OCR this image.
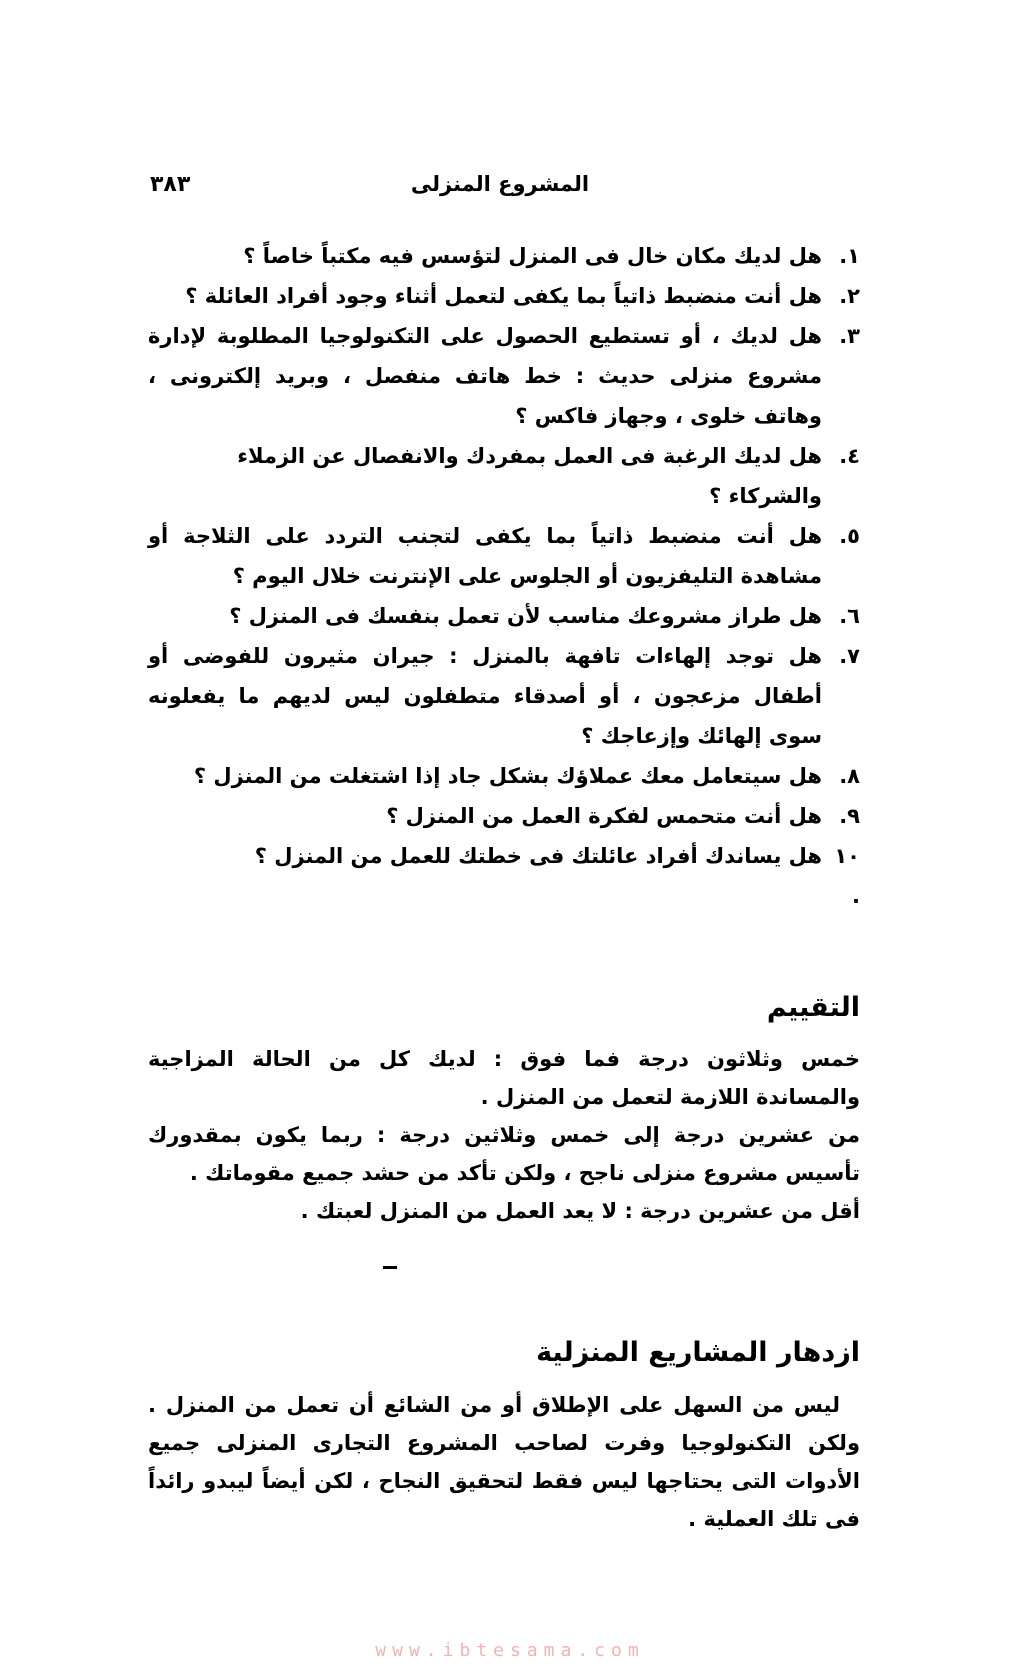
المشروع المنزلى
٣٨٣
١.
هل لديك مكان خال فى المنزل لتؤسس فيه مكتباً خاصاً ؟
٢.
هل أنت منضبط ذاتياً بما يكفى لتعمل أثناء وجود أفراد العائلة ؟
٣.
هل لديك ، أو تستطيع الحصول على التكنولوجيا المطلوبة لإدارة مشروع منزلى حديث : خط هاتف منفصل ، وبريد إلكترونى ، وهاتف خلوى ، وجهاز فاكس ؟
٤.
هل لديك الرغبة فى العمل بمفردك والانفصال عن الزملاء والشركاء ؟
٥.
هل أنت منضبط ذاتياً بما يكفى لتجنب التردد على الثلاجة أو مشاهدة التليفزيون أو الجلوس على الإنترنت خلال اليوم ؟
٦.
هل طراز مشروعك مناسب لأن تعمل بنفسك فى المنزل ؟
٧.
هل توجد إلهاءات تافهة بالمنزل : جيران مثيرون للفوضى أو أطفال مزعجون ، أو أصدقاء متطفلون ليس لديهم ما يفعلونه سوى إلهائك وإزعاجك ؟
٨.
هل سيتعامل معك عملاؤك بشكل جاد إذا اشتغلت من المنزل ؟
٩.
هل أنت متحمس لفكرة العمل من المنزل ؟
١٠ .
هل يساندك أفراد عائلتك فى خطتك للعمل من المنزل ؟
التقييم

خمس وثلاثون درجة فما فوق : لديك كل من الحالة المزاجية والمساندة اللازمة لتعمل من المنزل .

من عشرين درجة إلى خمس وثلاثين درجة : ربما يكون بمقدورك تأسيس مشروع منزلى ناجح ، ولكن تأكد من حشد جميع مقوماتك .

أقل من عشرين درجة : لا يعد العمل من المنزل لعبتك .

ازدهار المشاريع المنزلية

ليس من السهل على الإطلاق أو من الشائع أن تعمل من المنزل . ولكن التكنولوجيا وفرت لصاحب المشروع التجارى المنزلى جميع الأدوات التى يحتاجها ليس فقط لتحقيق النجاح ، لكن أيضاً ليبدو رائداً فى تلك العملية .

www.ibtesama.com
